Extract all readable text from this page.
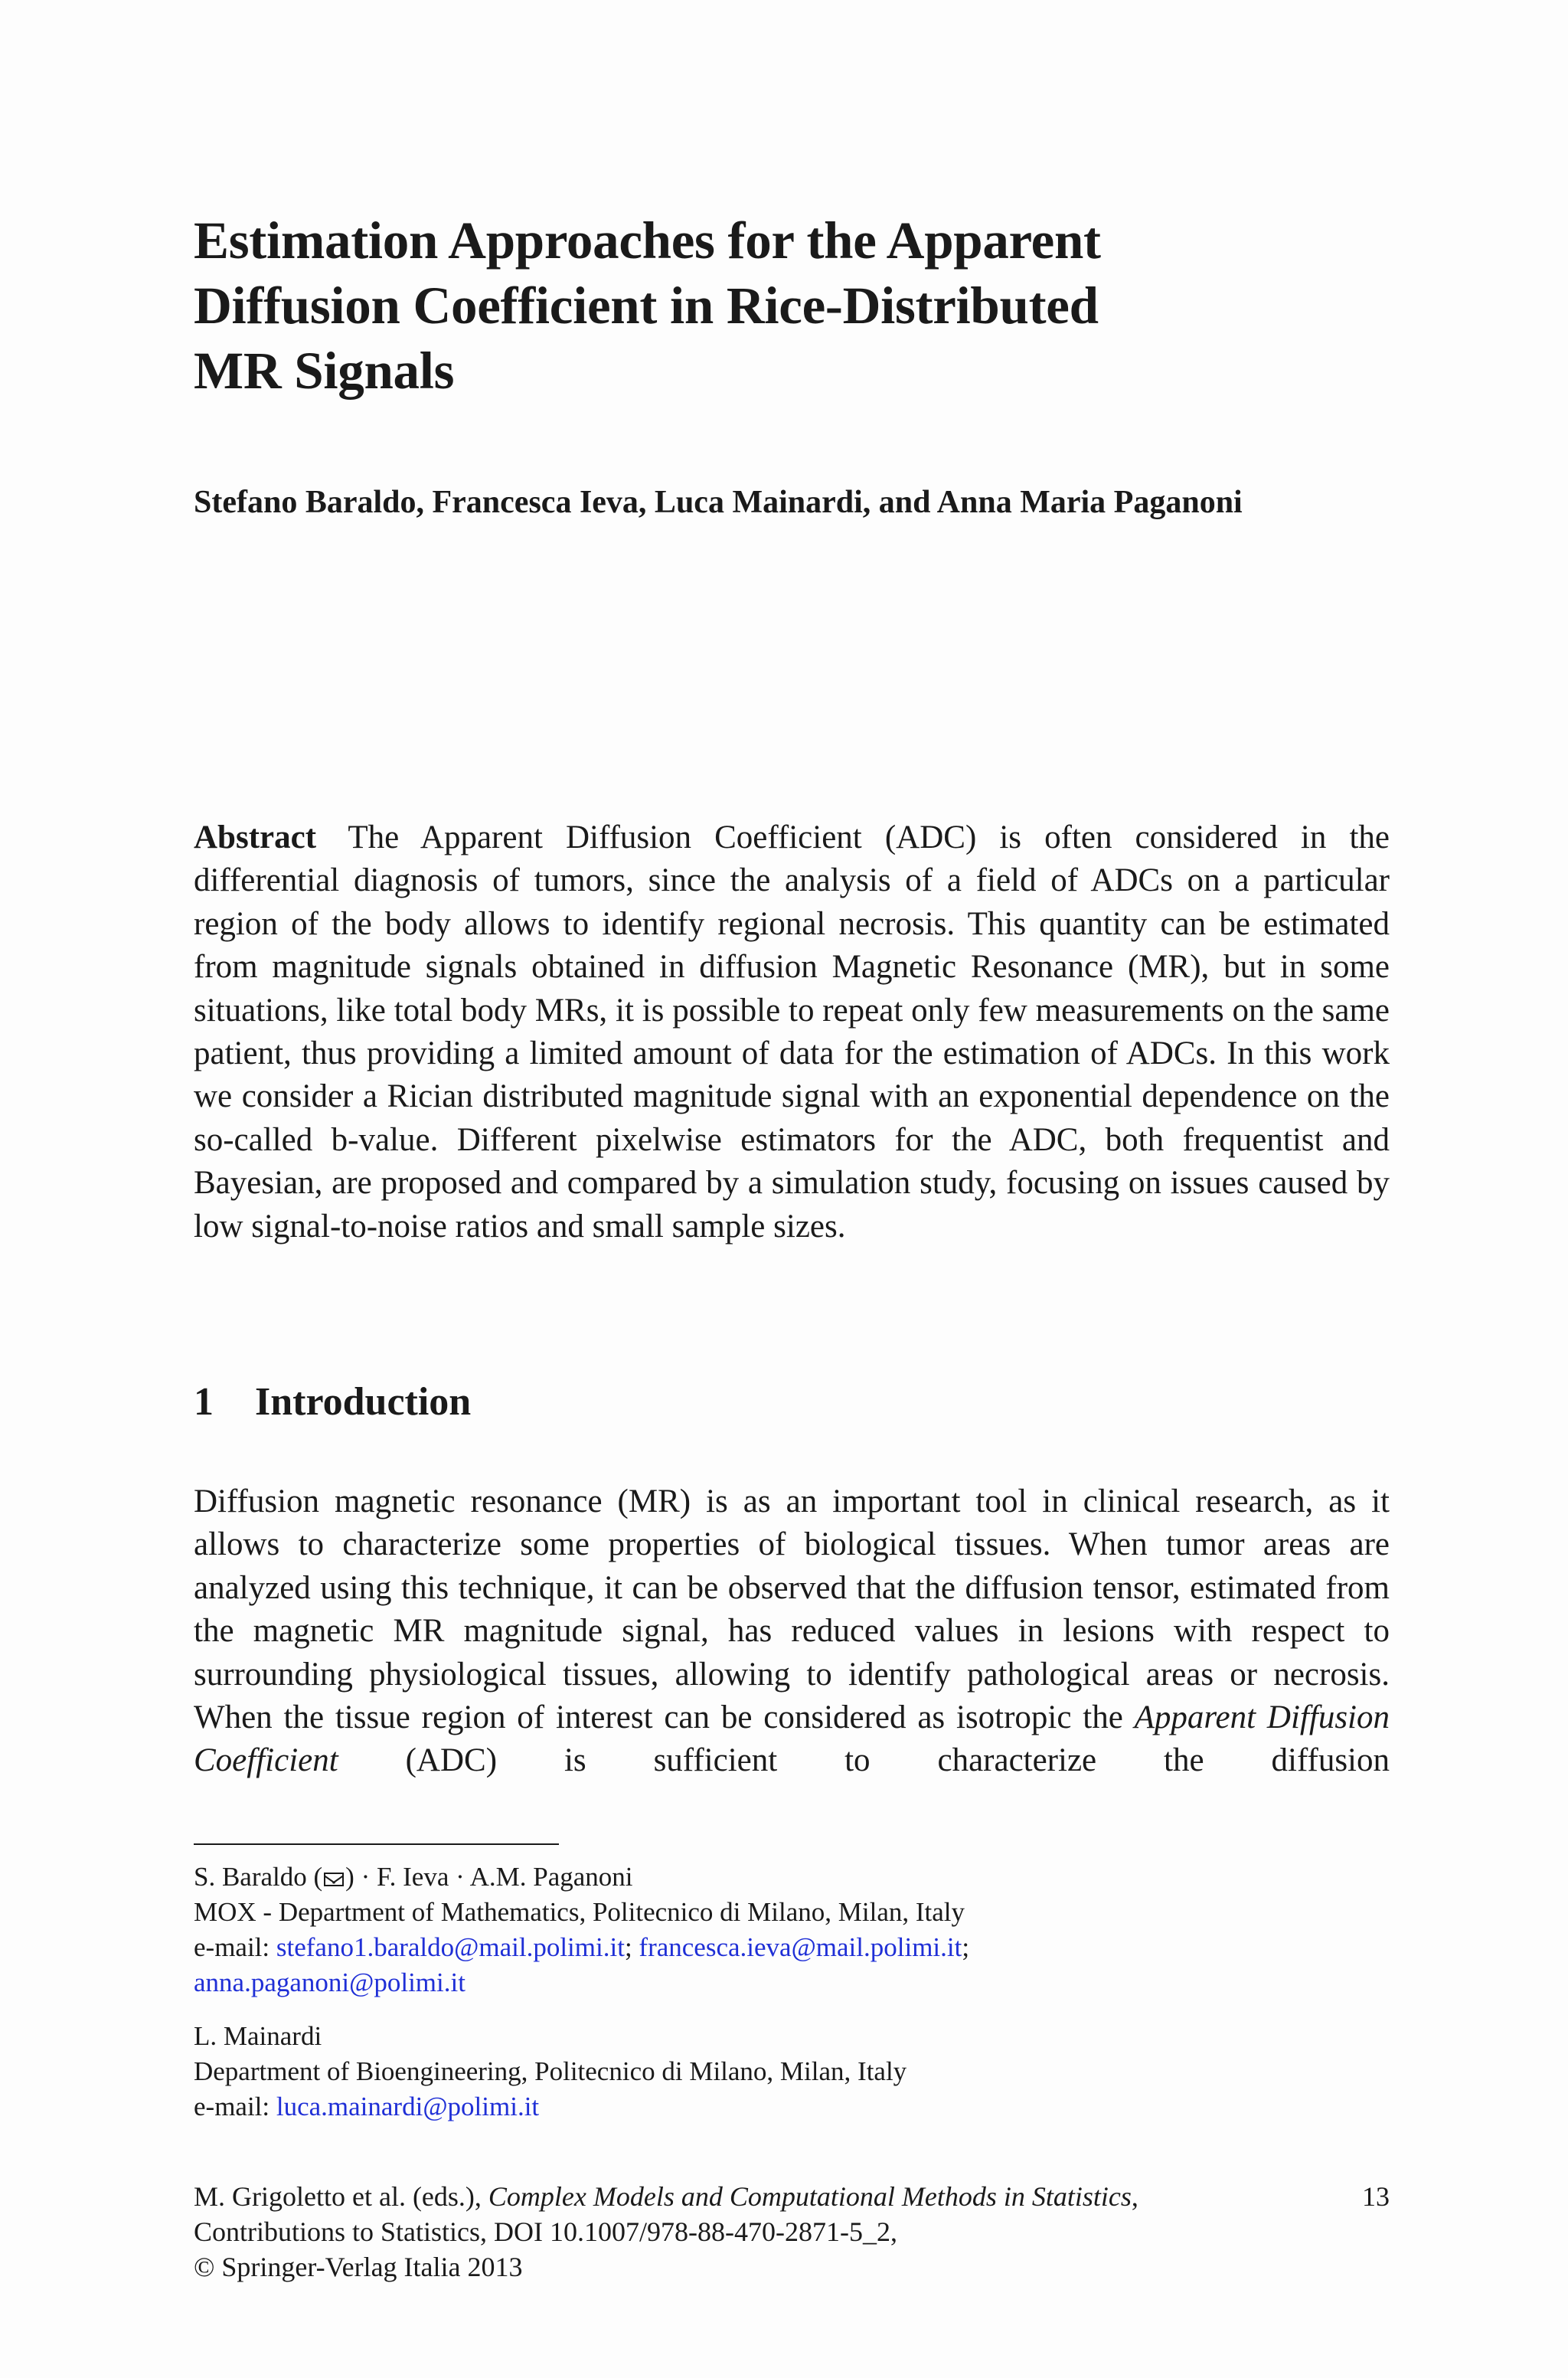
Estimation Approaches for the Apparent
Diffusion Coefficient in Rice-Distributed
MR Signals

Stefano Baraldo, Francesca Ieva, Luca Mainardi, and Anna Maria Paganoni

Abstract The Apparent Diffusion Coefficient (ADC) is often considered in the differential diagnosis of tumors, since the analysis of a field of ADCs on a particular region of the body allows to identify regional necrosis. This quantity can be estimated from magnitude signals obtained in diffusion Magnetic Resonance (MR), but in some situations, like total body MRs, it is possible to repeat only few measurements on the same patient, thus providing a limited amount of data for the estimation of ADCs. In this work we consider a Rician distributed magnitude signal with an exponential dependence on the so-called b-value. Different pixelwise estimators for the ADC, both frequentist and Bayesian, are proposed and compared by a simulation study, focusing on issues caused by low signal-to-noise ratios and small sample sizes.

1 Introduction

Diffusion magnetic resonance (MR) is as an important tool in clinical research, as it allows to characterize some properties of biological tissues. When tumor areas are analyzed using this technique, it can be observed that the diffusion tensor, estimated from the magnetic MR magnitude signal, has reduced values in lesions with respect to surrounding physiological tissues, allowing to identify pathological areas or necrosis. When the tissue region of interest can be considered as isotropic the Apparent Diffusion Coefficient (ADC) is sufficient to characterize the diffusion

S. Baraldo ( ) · F. Ieva · A.M. Paganoni
MOX - Department of Mathematics, Politecnico di Milano, Milan, Italy
e-mail: stefano1.baraldo@mail.polimi.it; francesca.ieva@mail.polimi.it;
anna.paganoni@polimi.it
L. Mainardi
Department of Bioengineering, Politecnico di Milano, Milan, Italy
e-mail: luca.mainardi@polimi.it
M. Grigoletto et al. (eds.), Complex Models and Computational Methods in Statistics,
Contributions to Statistics, DOI 10.1007/978-88-470-2871-5_2,
© Springer-Verlag Italia 2013
13
